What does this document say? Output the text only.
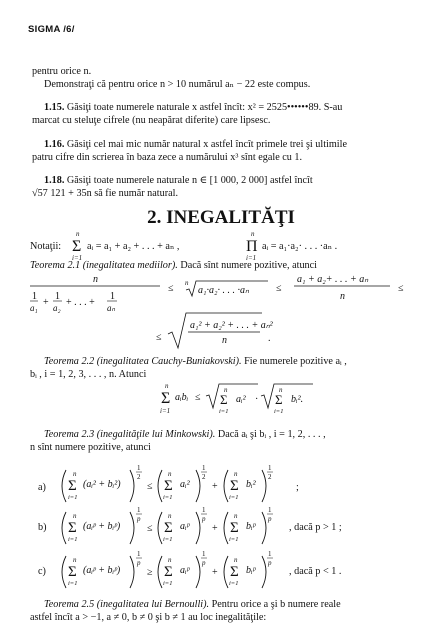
SIGMA /6/
pentru orice n.
Demonstraţi că pentru orice n > 10 numărul aₙ − 22 este compus.
1.15. Găsiţi toate numerele naturale x astfel încît: x² = 2525••••••89. S-au
marcat cu steluţe cifrele (nu neapărat diferite) care lipsesc.
1.16. Găsiţi cel mai mic număr natural x astfel încît primele trei şi ultimile
patru cifre din scrierea în baza zece a numărului x³ sînt egale cu 1.
1.18. Găsiţi toate numerele naturale n ∈ [1 000, 2 000] astfel încît
√57 121 + 35n să fie număr natural.
2. INEGALITĂŢI
Notaţii:	aᵢ = a₁ + a₂ + . . . + aₙ ,	aᵢ = a₁·a₂· . . . ·aₙ .
Teorema 2.1 (inegalitatea mediilor). Dacă sînt numere pozitive, atunci
Teorema 2.2 (inegalitatea Cauchy-Buniakovski). Fie numerele pozitive aᵢ ,
bᵢ , i = 1, 2, 3, . . . , n. Atunci
Teorema 2.3 (inegalităţile lui Minkowski). Dacă aᵢ şi bᵢ , i = 1, 2, . . . ,
n sînt numere pozitive, atunci
a)	;
b)	, dacă p > 1 ;
c)	, dacă p < 1 .
Teorema 2.5 (inegalitatea lui Bernoulli). Pentru orice a şi b numere reale
astfel încît a > −1, a ≠ 0, b ≠ 0 şi b ≠ 1 au loc inegalităţile:
n
Σ
i=1
n
Π
i=1
n
1
a₁ +
1
a₂ + . . . +
1
aₙ
≤ n
a₁·a₂· . . . ·aₙ	≤
a₁ + a₂+ . . . + aₙ
n
≤
≤
a₁² + a₂² + . . . + aₙ²
n	.
n
Σ
i=1
aᵢbᵢ ≤
n
Σ
i=1
aᵢ² ·
n
Σ
i=1
bᵢ².
n
Σ
i=1
(aᵢ² + bᵢ²)
1
2
≤
n
Σ
i=1
aᵢ²
1
2
+
n
Σ
i=1
bᵢ²
1
2
n
Σ
i=1
(aᵢᵖ + bᵢᵖ)
1
p
≤
n
Σ
i=1
aᵢᵖ
1
p
+
n
Σ
i=1
bᵢᵖ
1
p
n
Σ
i=1
(aᵢᵖ + bᵢᵖ)
1
p
≥
n
Σ
i=1
aᵢᵖ
1
p
+
n
Σ
i=1
bᵢᵖ
1
p
